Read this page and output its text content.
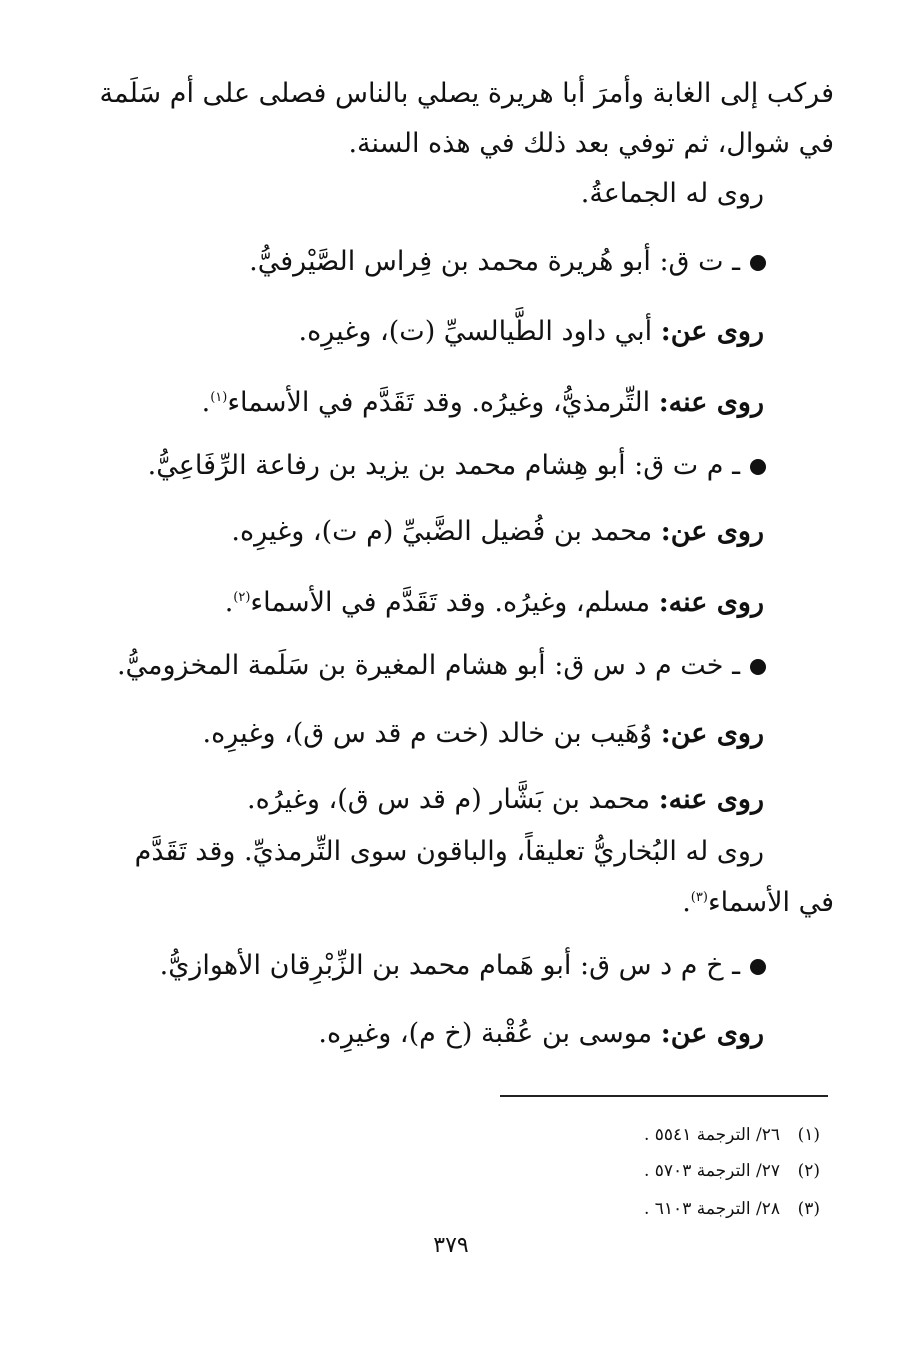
فركب إلى الغابة وأمرَ أبا هريرة يصلي بالناس فصلى على أم سَلَمة
في شوال، ثم توفي بعد ذلك في هذه السنة.
روى له الجماعةُ.
ـ ت ق: أبو هُريرة محمد بن فِراس الصَّيْرفيُّ.
روى عن: أبي داود الطَّيالسيِّ (ت)، وغيرِه.
روى عنه: التِّرمذيُّ، وغيرُه. وقد تَقَدَّم في الأسماء$^{(١)}$.
ـ م ت ق: أبو هِشام محمد بن يزيد بن رفاعة الرِّفَاعِيُّ.
روى عن: محمد بن فُضيل الضَّبيِّ (م ت)، وغيرِه.
روى عنه: مسلم، وغيرُه. وقد تَقَدَّم في الأسماء$^{(٢)}$.
ـ خت م د س ق: أبو هشام المغيرة بن سَلَمة المخزوميُّ.
روى عن: وُهَيب بن خالد (خت م قد س ق)، وغيرِه.
روى عنه: محمد بن بَشَّار (م قد س ق)، وغيرُه.
روى له البُخاريُّ تعليقاً، والباقون سوى التِّرمذيِّ. وقد تَقَدَّم
في الأسماء$^{(٣)}$.
ـ خ م د س ق: أبو هَمام محمد بن الزِّبْرِقان الأهوازيُّ.
روى عن: موسى بن عُقْبة (خ م)، وغيرِه.
(١)٢٦/ الترجمة ٥٥٤١ .
(٢)٢٧/ الترجمة ٥٧٠٣ .
(٣)٢٨/ الترجمة ٦١٠٣ .
٣٧٩
